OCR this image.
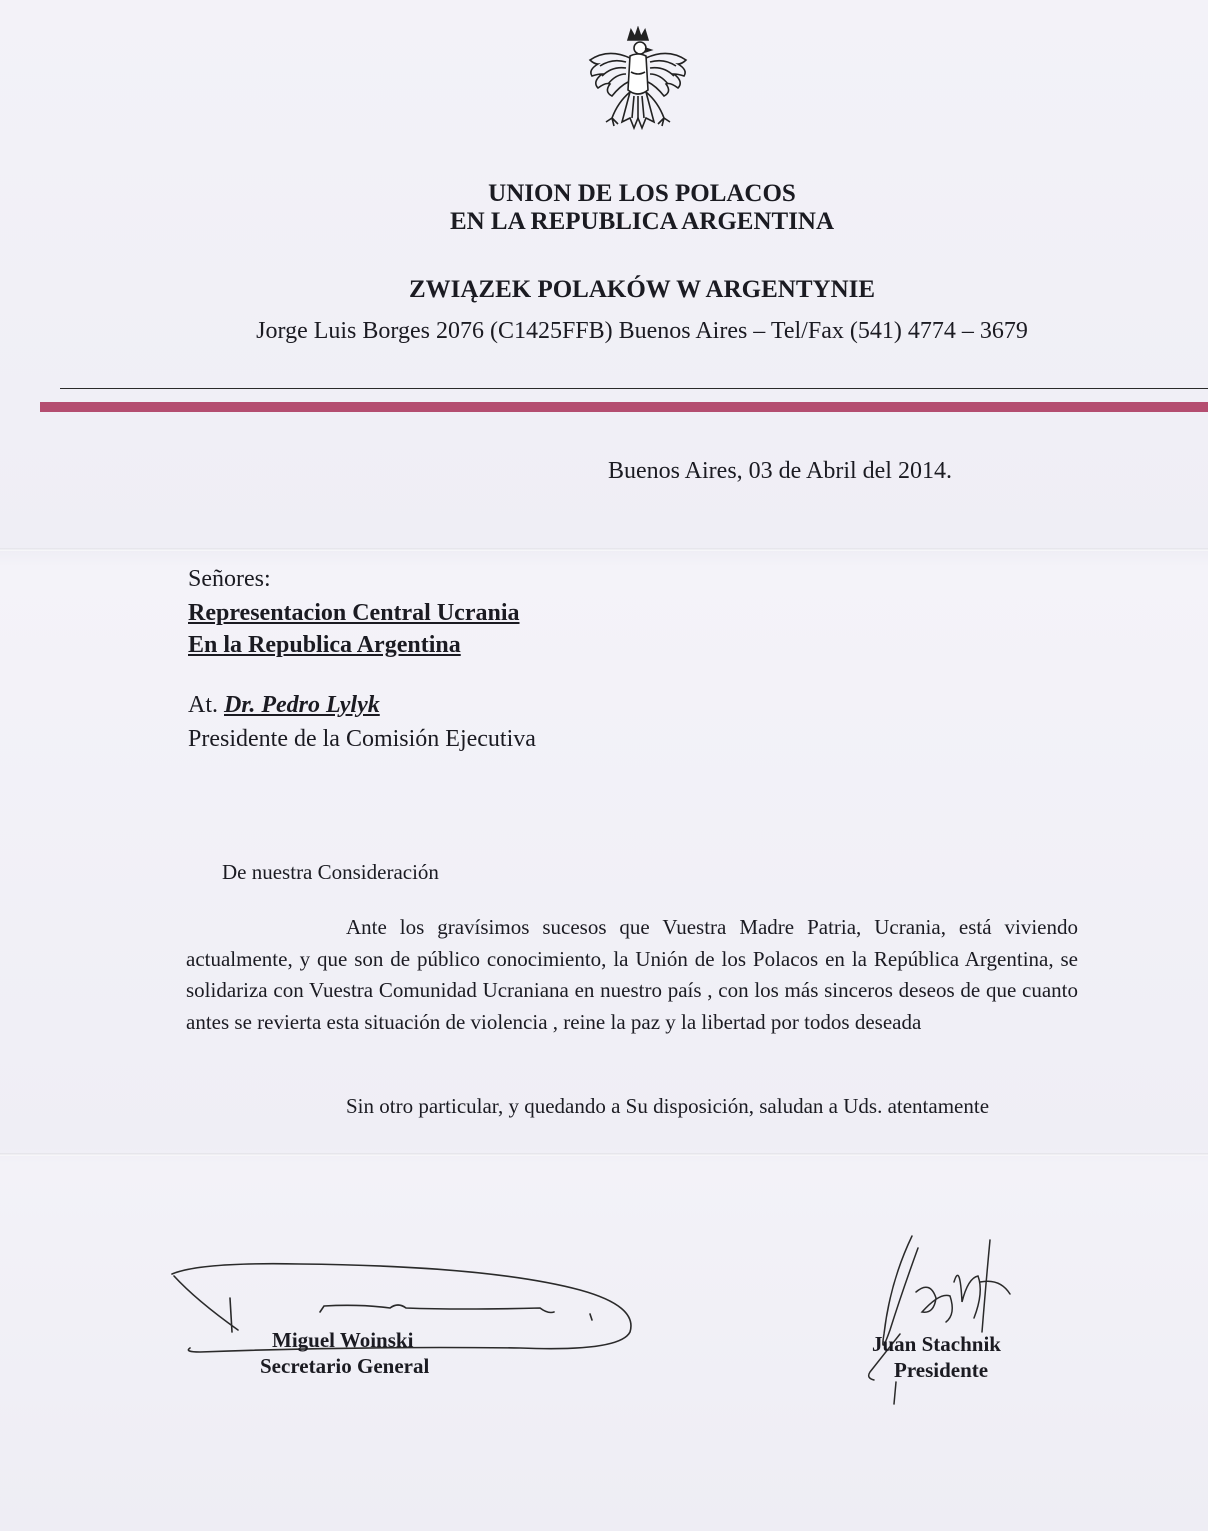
UNION DE LOS POLACOS
EN LA REPUBLICA ARGENTINA
ZWIĄZEK POLAKÓW W ARGENTYNIE
Jorge Luis Borges 2076 (C1425FFB) Buenos Aires – Tel/Fax (541) 4774 – 3679
Buenos Aires, 03 de Abril del 2014.
Señores:
Representacion Central Ucrania
En la Republica Argentina
At. Dr. Pedro Lylyk
Presidente de la Comisión Ejecutiva
De nuestra Consideración

Ante los gravísimos sucesos que Vuestra Madre Patria, Ucrania, está viviendo actualmente, y que son de público conocimiento, la Unión de los Polacos en la República Argentina, se solidariza con Vuestra Comunidad Ucraniana en nuestro país , con los más sinceros deseos de que cuanto antes se revierta esta situación de violencia , reine la paz y la libertad por todos deseada

Sin otro particular, y quedando a Su disposición, saludan a Uds. atentamente
Miguel Woinski
Secretario General
Juan Stachnik
Presidente
